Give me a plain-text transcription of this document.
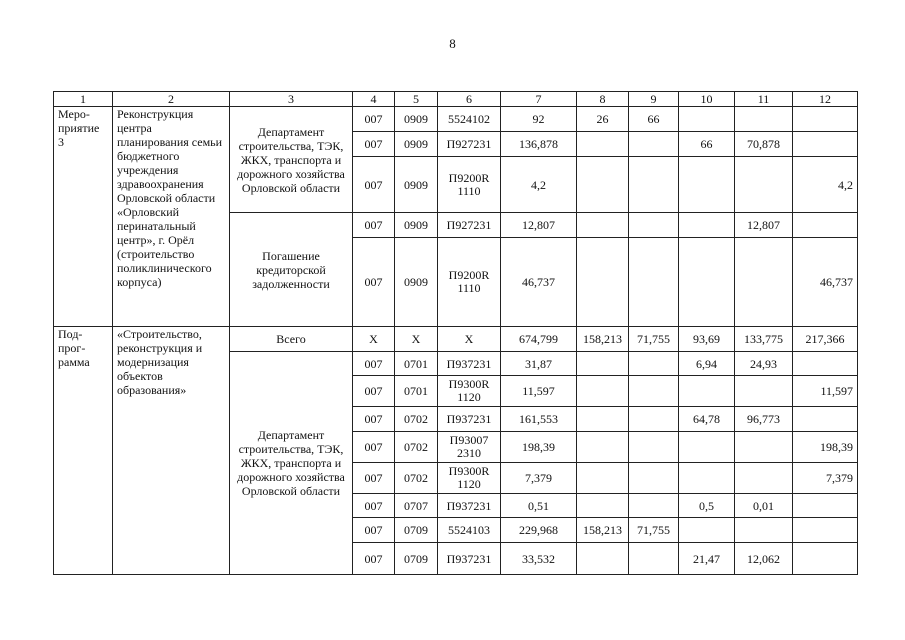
8
1	2	3	4	5	6	7	8	9	10	11	12

Меро-
приятие
3	Реконструкция центра планирования семьи бюджетного учреждения здравоохранения Орловской области «Орловский перинатальный центр», г. Орёл (строительство поликлинического корпуса)	Департамент строительства, ТЭК, ЖКХ, транспорта и дорожного хозяйства Орловской области	007	0909	5524102	92	26	66			
			007	0909	П927231	136,878			66	70,878	
			007	0909	П9200R 1110	4,2					4,2
		Погашение кредиторской задолженности	007	0909	П927231	12,807				12,807	
			007	0909	П9200R 1110	46,737					46,737

Под-
прог-
рамма	«Строительство, реконструкция и модернизация объектов образования»	Всего	Х	Х	Х	674,799	158,213	71,755	93,69	133,775	217,366
		Департамент строительства, ТЭК, ЖКХ, транспорта и дорожного хозяйства Орловской области	007	0701	П937231	31,87			6,94	24,93	
			007	0701	П9300R 1120	11,597					11,597
			007	0702	П937231	161,553			64,78	96,773	
			007	0702	П93007 2310	198,39					198,39
			007	0702	П9300R 1120	7,379					7,379
			007	0707	П937231	0,51			0,5	0,01	
			007	0709	5524103	229,968	158,213	71,755			
			007	0709	П937231	33,532			21,47	12,062	
